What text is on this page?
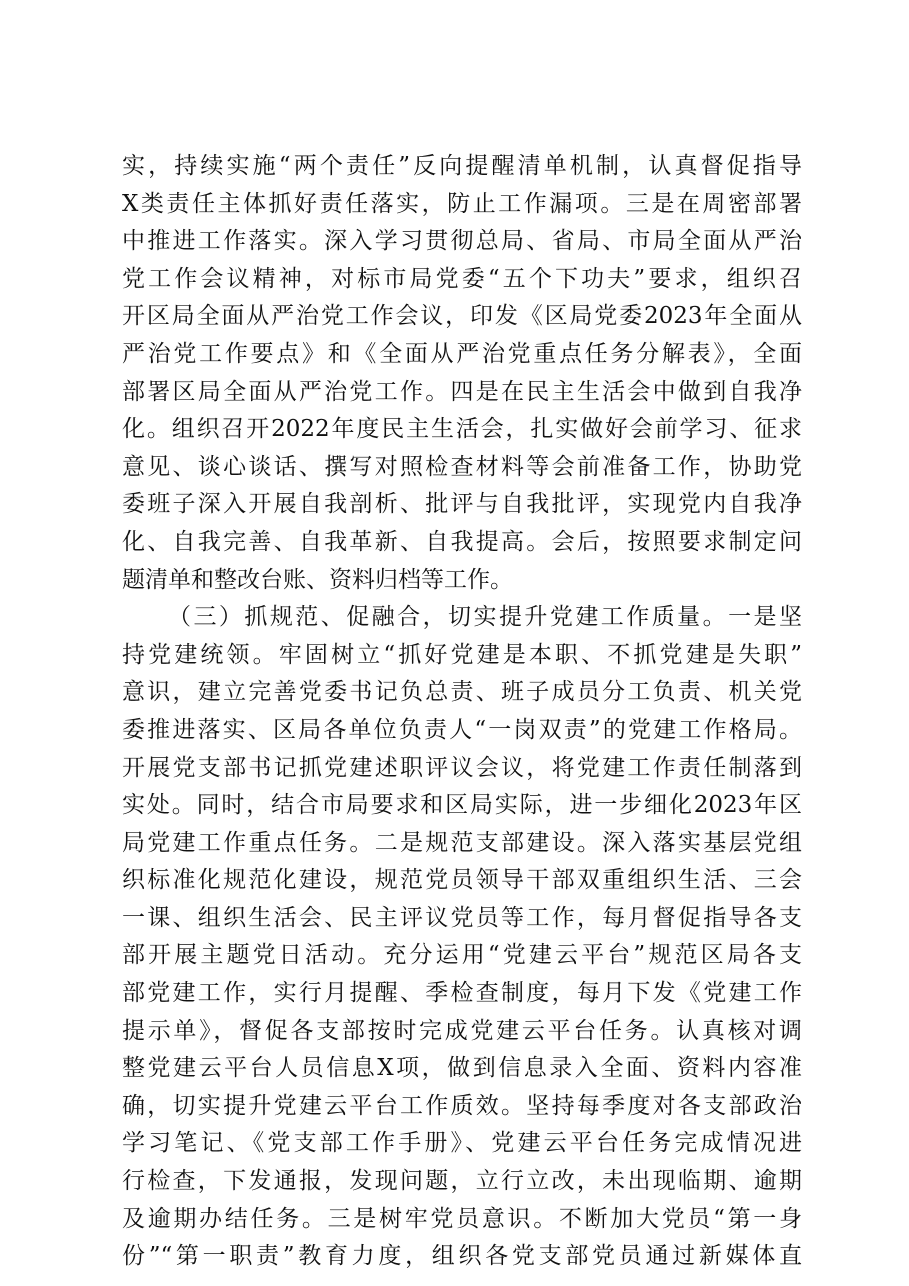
实，持续实施“两个责任”反向提醒清单机制，认真督促指导
X类责任主体抓好责任落实，防止工作漏项。三是在周密部署
中推进工作落实。深入学习贯彻总局、省局、市局全面从严治
党工作会议精神，对标市局党委“五个下功夫”要求，组织召
开区局全面从严治党工作会议，印发《区局党委2023年全面从
严治党工作要点》和《全面从严治党重点任务分解表》，全面
部署区局全面从严治党工作。四是在民主生活会中做到自我净
化。组织召开2022年度民主生活会，扎实做好会前学习、征求
意见、谈心谈话、撰写对照检查材料等会前准备工作，协助党
委班子深入开展自我剖析、批评与自我批评，实现党内自我净
化、自我完善、自我革新、自我提高。会后，按照要求制定问
题清单和整改台账、资料归档等工作。
（三）抓规范、促融合，切实提升党建工作质量。一是坚
持党建统领。牢固树立“抓好党建是本职、不抓党建是失职”
意识，建立完善党委书记负总责、班子成员分工负责、机关党
委推进落实、区局各单位负责人“一岗双责”的党建工作格局。
开展党支部书记抓党建述职评议会议，将党建工作责任制落到
实处。同时，结合市局要求和区局实际，进一步细化2023年区
局党建工作重点任务。二是规范支部建设。深入落实基层党组
织标准化规范化建设，规范党员领导干部双重组织生活、三会
一课、组织生活会、民主评议党员等工作，每月督促指导各支
部开展主题党日活动。充分运用“党建云平台”规范区局各支
部党建工作，实行月提醒、季检查制度，每月下发《党建工作
提示单》，督促各支部按时完成党建云平台任务。认真核对调
整党建云平台人员信息X项，做到信息录入全面、资料内容准
确，切实提升党建云平台工作质效。坚持每季度对各支部政治
学习笔记、《党支部工作手册》、党建云平台任务完成情况进
行检查，下发通报，发现问题，立行立改，未出现临期、逾期
及逾期办结任务。三是树牢党员意识。不断加大党员“第一身
份”“第一职责”教育力度，组织各党支部党员通过新媒体直
